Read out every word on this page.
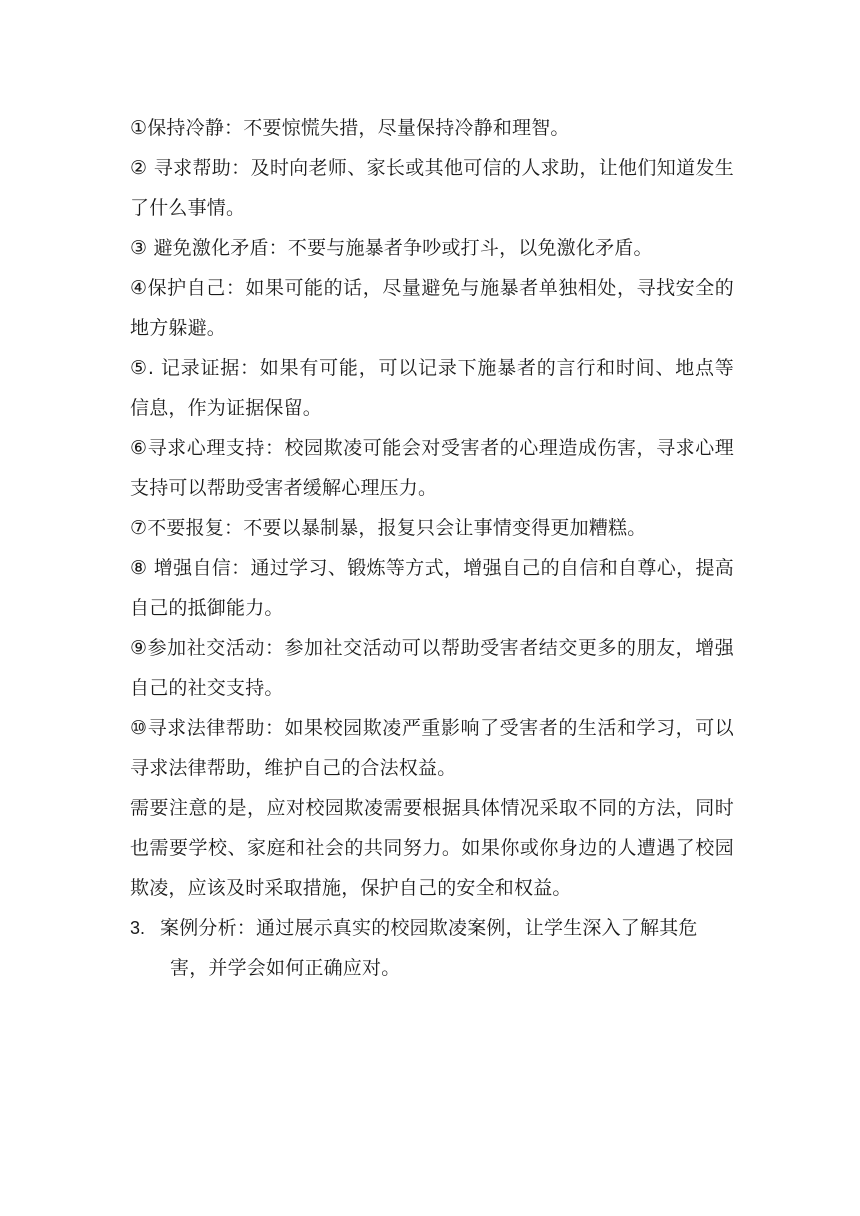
①保持冷静：不要惊慌失措，尽量保持冷静和理智。

② 寻求帮助：及时向老师、家长或其他可信的人求助，让他们知道发生了什么事情。

③ 避免激化矛盾：不要与施暴者争吵或打斗，以免激化矛盾。

④保护自己：如果可能的话，尽量避免与施暴者单独相处，寻找安全的地方躲避。

⑤. 记录证据：如果有可能，可以记录下施暴者的言行和时间、地点等信息，作为证据保留。

⑥寻求心理支持：校园欺凌可能会对受害者的心理造成伤害，寻求心理支持可以帮助受害者缓解心理压力。

⑦不要报复：不要以暴制暴，报复只会让事情变得更加糟糕。

⑧ 增强自信：通过学习、锻炼等方式，增强自己的自信和自尊心，提高自己的抵御能力。

⑨参加社交活动：参加社交活动可以帮助受害者结交更多的朋友，增强自己的社交支持。

⑩寻求法律帮助：如果校园欺凌严重影响了受害者的生活和学习，可以寻求法律帮助，维护自己的合法权益。

需要注意的是，应对校园欺凌需要根据具体情况采取不同的方法，同时也需要学校、家庭和社会的共同努力。如果你或你身边的人遭遇了校园欺凌，应该及时采取措施，保护自己的安全和权益。

3. 案例分析：通过展示真实的校园欺凌案例，让学生深入了解其危
害，并学会如何正确应对。
